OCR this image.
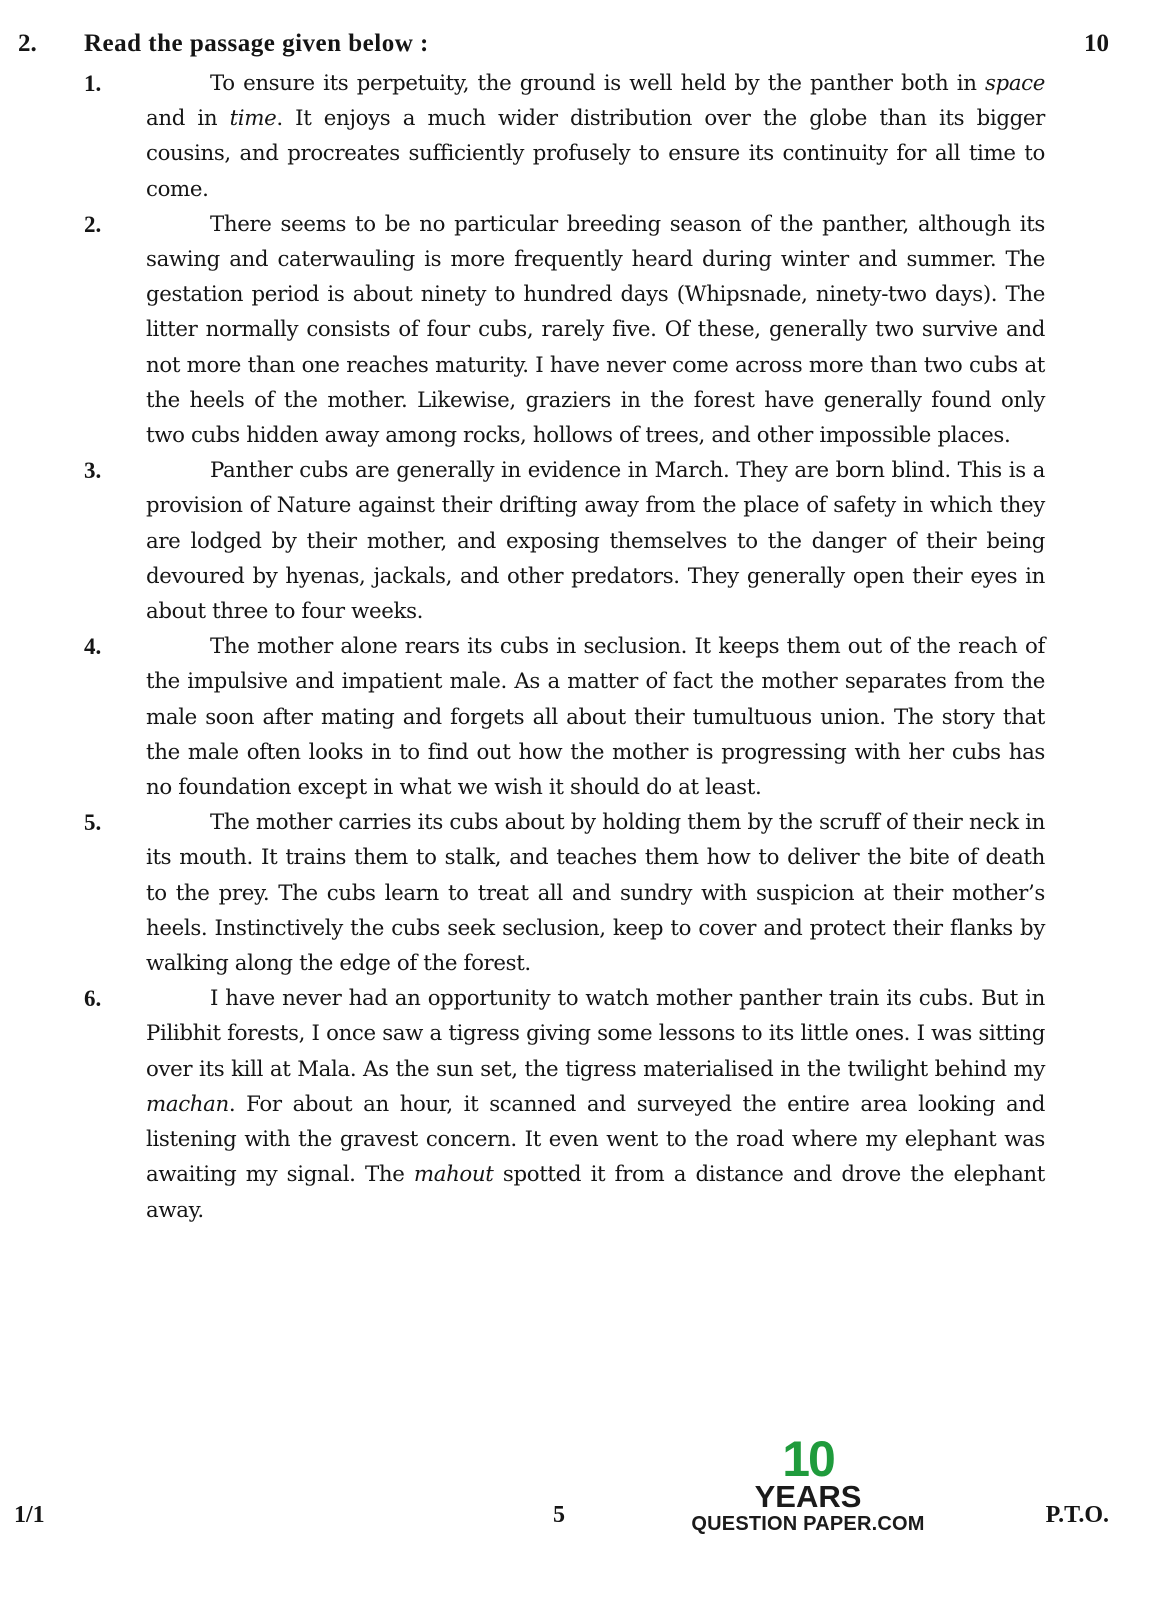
2. Read the passage given below :	10
1.	To ensure its perpetuity, the ground is well held by the panther both in space and in time. It enjoys a much wider distribution over the globe than its bigger cousins, and procreates sufficiently profusely to ensure its continuity for all time to come.

2.	There seems to be no particular breeding season of the panther, although its sawing and caterwauling is more frequently heard during winter and summer. The gestation period is about ninety to hundred days (Whipsnade, ninety-two days). The litter normally consists of four cubs, rarely five. Of these, generally two survive and not more than one reaches maturity. I have never come across more than two cubs at the heels of the mother. Likewise, graziers in the forest have generally found only two cubs hidden away among rocks, hollows of trees, and other impossible places.

3.	Panther cubs are generally in evidence in March. They are born blind. This is a provision of Nature against their drifting away from the place of safety in which they are lodged by their mother, and exposing themselves to the danger of their being devoured by hyenas, jackals, and other predators. They generally open their eyes in about three to four weeks.

4.	The mother alone rears its cubs in seclusion. It keeps them out of the reach of the impulsive and impatient male. As a matter of fact the mother separates from the male soon after mating and forgets all about their tumultuous union. The story that the male often looks in to find out how the mother is progressing with her cubs has no foundation except in what we wish it should do at least.

5.	The mother carries its cubs about by holding them by the scruff of their neck in its mouth. It trains them to stalk, and teaches them how to deliver the bite of death to the prey. The cubs learn to treat all and sundry with suspicion at their mother’s heels. Instinctively the cubs seek seclusion, keep to cover and protect their flanks by walking along the edge of the forest.

6.	I have never had an opportunity to watch mother panther train its cubs. But in Pilibhit forests, I once saw a tigress giving some lessons to its little ones. I was sitting over its kill at Mala. As the sun set, the tigress materialised in the twilight behind my machan. For about an hour, it scanned and surveyed the entire area looking and listening with the gravest concern. It even went to the road where my elephant was awaiting my signal. The mahout spotted it from a distance and drove the elephant away.

10
YEARS
QUESTION PAPER.COM
1/1	5	P.T.O.
